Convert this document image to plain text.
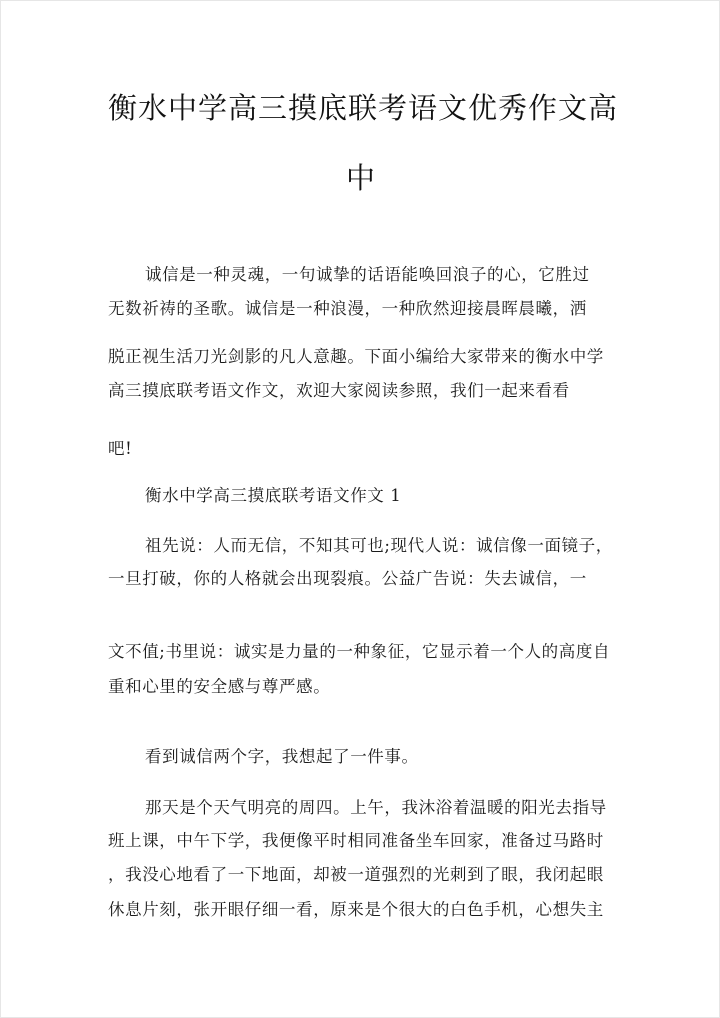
衡水中学高三摸底联考语文优秀作文高
中
诚信是一种灵魂，一句诚挚的话语能唤回浪子的心，它胜过
无数祈祷的圣歌。诚信是一种浪漫，一种欣然迎接晨晖晨曦，洒
脱正视生活刀光剑影的凡人意趣。下面小编给大家带来的衡水中学
高三摸底联考语文作文，欢迎大家阅读参照，我们一起来看看
吧!
衡水中学高三摸底联考语文作文 1
祖先说：人而无信，不知其可也;现代人说：诚信像一面镜子，
一旦打破，你的人格就会出现裂痕。公益广告说：失去诚信，一
文不值;书里说：诚实是力量的一种象征，它显示着一个人的高度自
重和心里的安全感与尊严感。
看到诚信两个字，我想起了一件事。
那天是个天气明亮的周四。上午，我沐浴着温暖的阳光去指导
班上课，中午下学，我便像平时相同准备坐车回家，准备过马路时
，我没心地看了一下地面，却被一道强烈的光刺到了眼，我闭起眼
休息片刻，张开眼仔细一看，原来是个很大的白色手机，心想失主
